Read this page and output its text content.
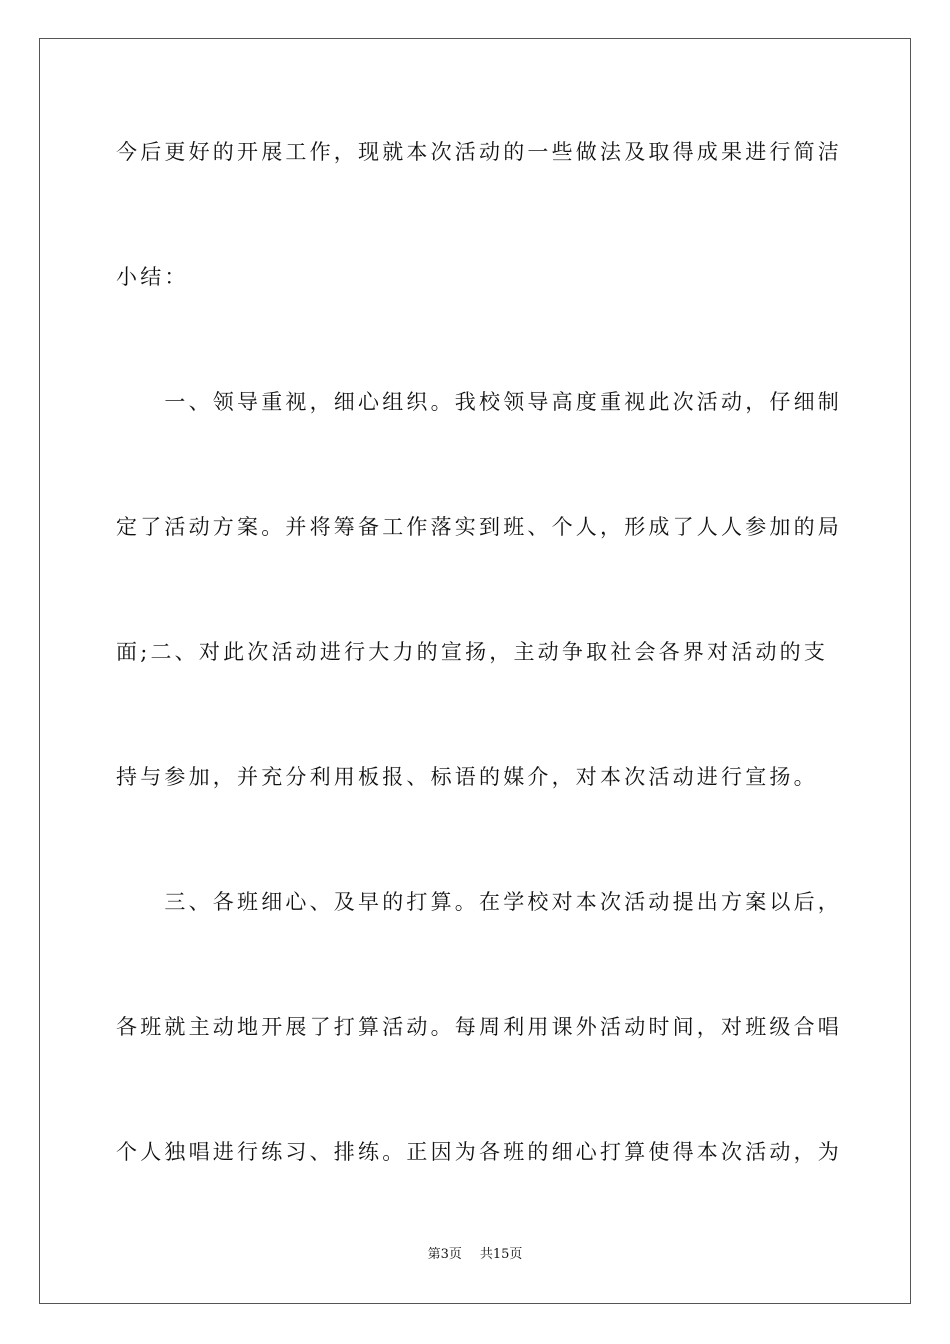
今后更好的开展工作，现就本次活动的一些做法及取得成果进行简洁
小结：
　　一、领导重视，细心组织。我校领导高度重视此次活动，仔细制
定了活动方案。并将筹备工作落实到班、个人，形成了人人参加的局
面;二、对此次活动进行大力的宣扬，主动争取社会各界对活动的支
持与参加，并充分利用板报、标语的媒介，对本次活动进行宣扬。
　　三、各班细心、及早的打算。在学校对本次活动提出方案以后，
各班就主动地开展了打算活动。每周利用课外活动时间，对班级合唱
个人独唱进行练习、排练。正因为各班的细心打算使得本次活动，为
第3页 共15页
